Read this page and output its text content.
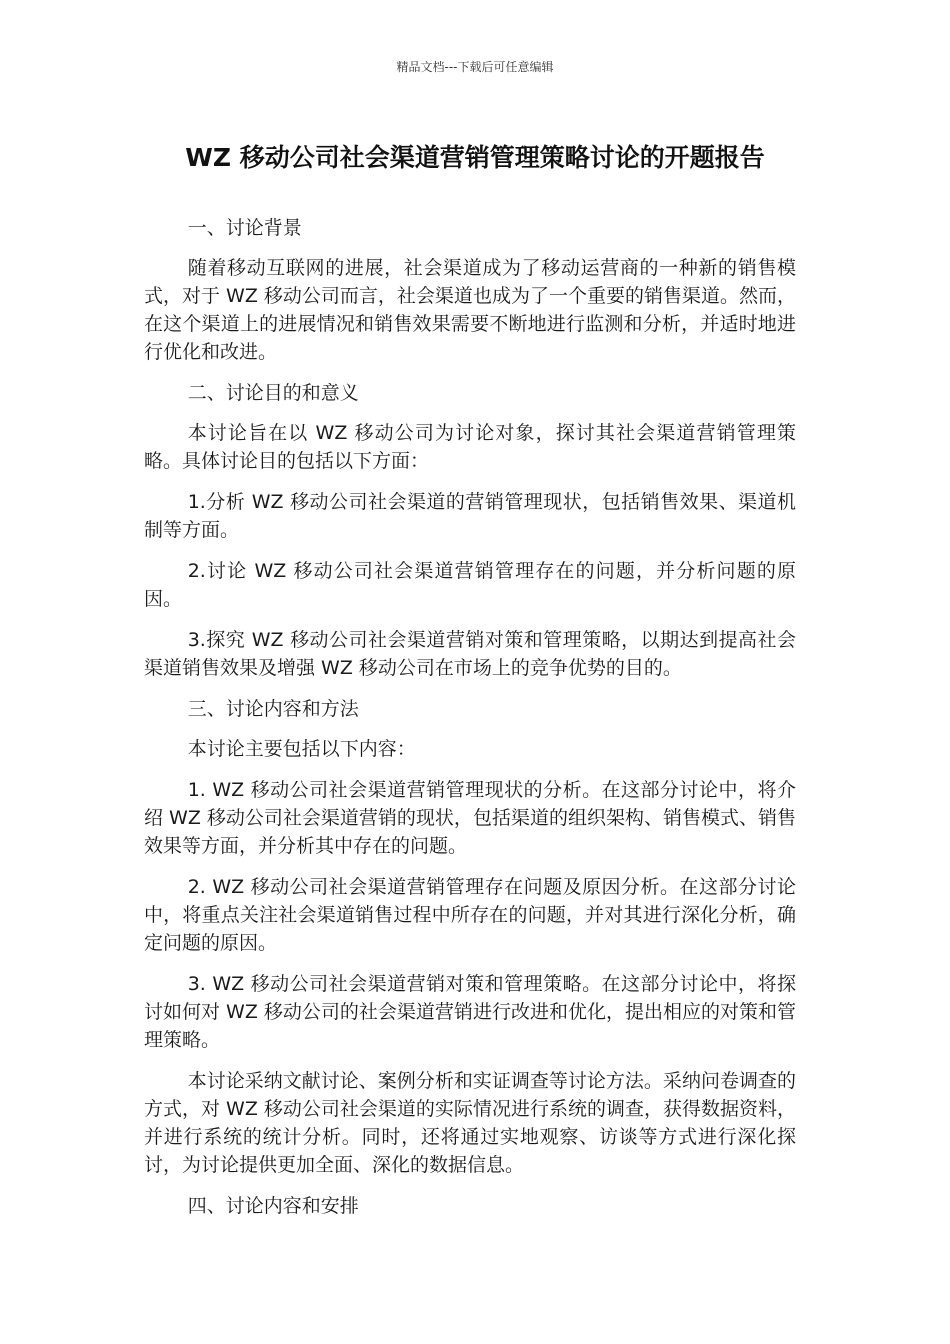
精品文档---下载后可任意编辑
WZ 移动公司社会渠道营销管理策略讨论的开题报告

一、讨论背景

随着移动互联网的进展，社会渠道成为了移动运营商的一种新的销售模式，对于 WZ 移动公司而言，社会渠道也成为了一个重要的销售渠道。然而，在这个渠道上的进展情况和销售效果需要不断地进行监测和分析，并适时地进行优化和改进。

二、讨论目的和意义

本讨论旨在以 WZ 移动公司为讨论对象，探讨其社会渠道营销管理策略。具体讨论目的包括以下方面：

1.分析 WZ 移动公司社会渠道的营销管理现状，包括销售效果、渠道机制等方面。

2.讨论 WZ 移动公司社会渠道营销管理存在的问题，并分析问题的原因。

3.探究 WZ 移动公司社会渠道营销对策和管理策略，以期达到提高社会渠道销售效果及增强 WZ 移动公司在市场上的竞争优势的目的。

三、讨论内容和方法

本讨论主要包括以下内容：

1. WZ 移动公司社会渠道营销管理现状的分析。在这部分讨论中，将介绍 WZ 移动公司社会渠道营销的现状，包括渠道的组织架构、销售模式、销售效果等方面，并分析其中存在的问题。

2. WZ 移动公司社会渠道营销管理存在问题及原因分析。在这部分讨论中，将重点关注社会渠道销售过程中所存在的问题，并对其进行深化分析，确定问题的原因。

3. WZ 移动公司社会渠道营销对策和管理策略。在这部分讨论中，将探讨如何对 WZ 移动公司的社会渠道营销进行改进和优化，提出相应的对策和管理策略。

本讨论采纳文献讨论、案例分析和实证调查等讨论方法。采纳问卷调查的方式，对 WZ 移动公司社会渠道的实际情况进行系统的调查，获得数据资料，并进行系统的统计分析。同时，还将通过实地观察、访谈等方式进行深化探讨，为讨论提供更加全面、深化的数据信息。

四、讨论内容和安排
